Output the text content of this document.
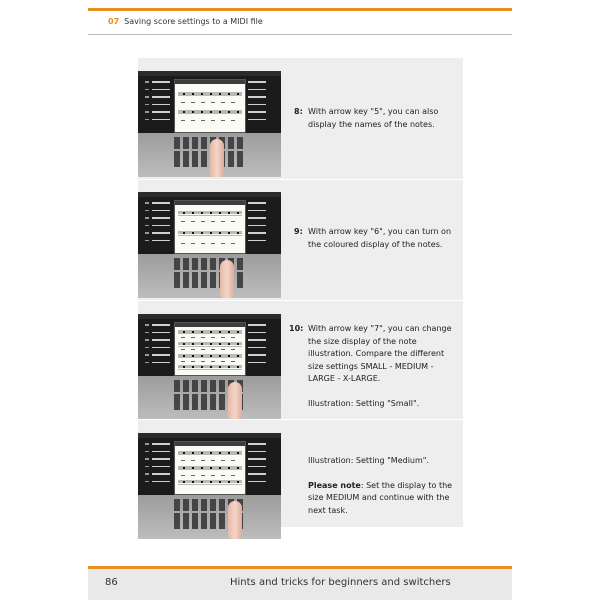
07 Saving score settings to a MIDI file
8: With arrow key "5", you can also display the names of the notes.
9: With arrow key "6", you can turn on the coloured display of the notes.
10: With arrow key "7", you can change the size display of the note illustration. Compare the different size settings SMALL - MEDIUM - LARGE - X-LARGE.

Illustration: Setting "Small".

Illustration: Setting "Medium".

Please note: Set the display to the size MEDIUM and continue with the next task.

86	Hints and tricks for beginners and switchers
